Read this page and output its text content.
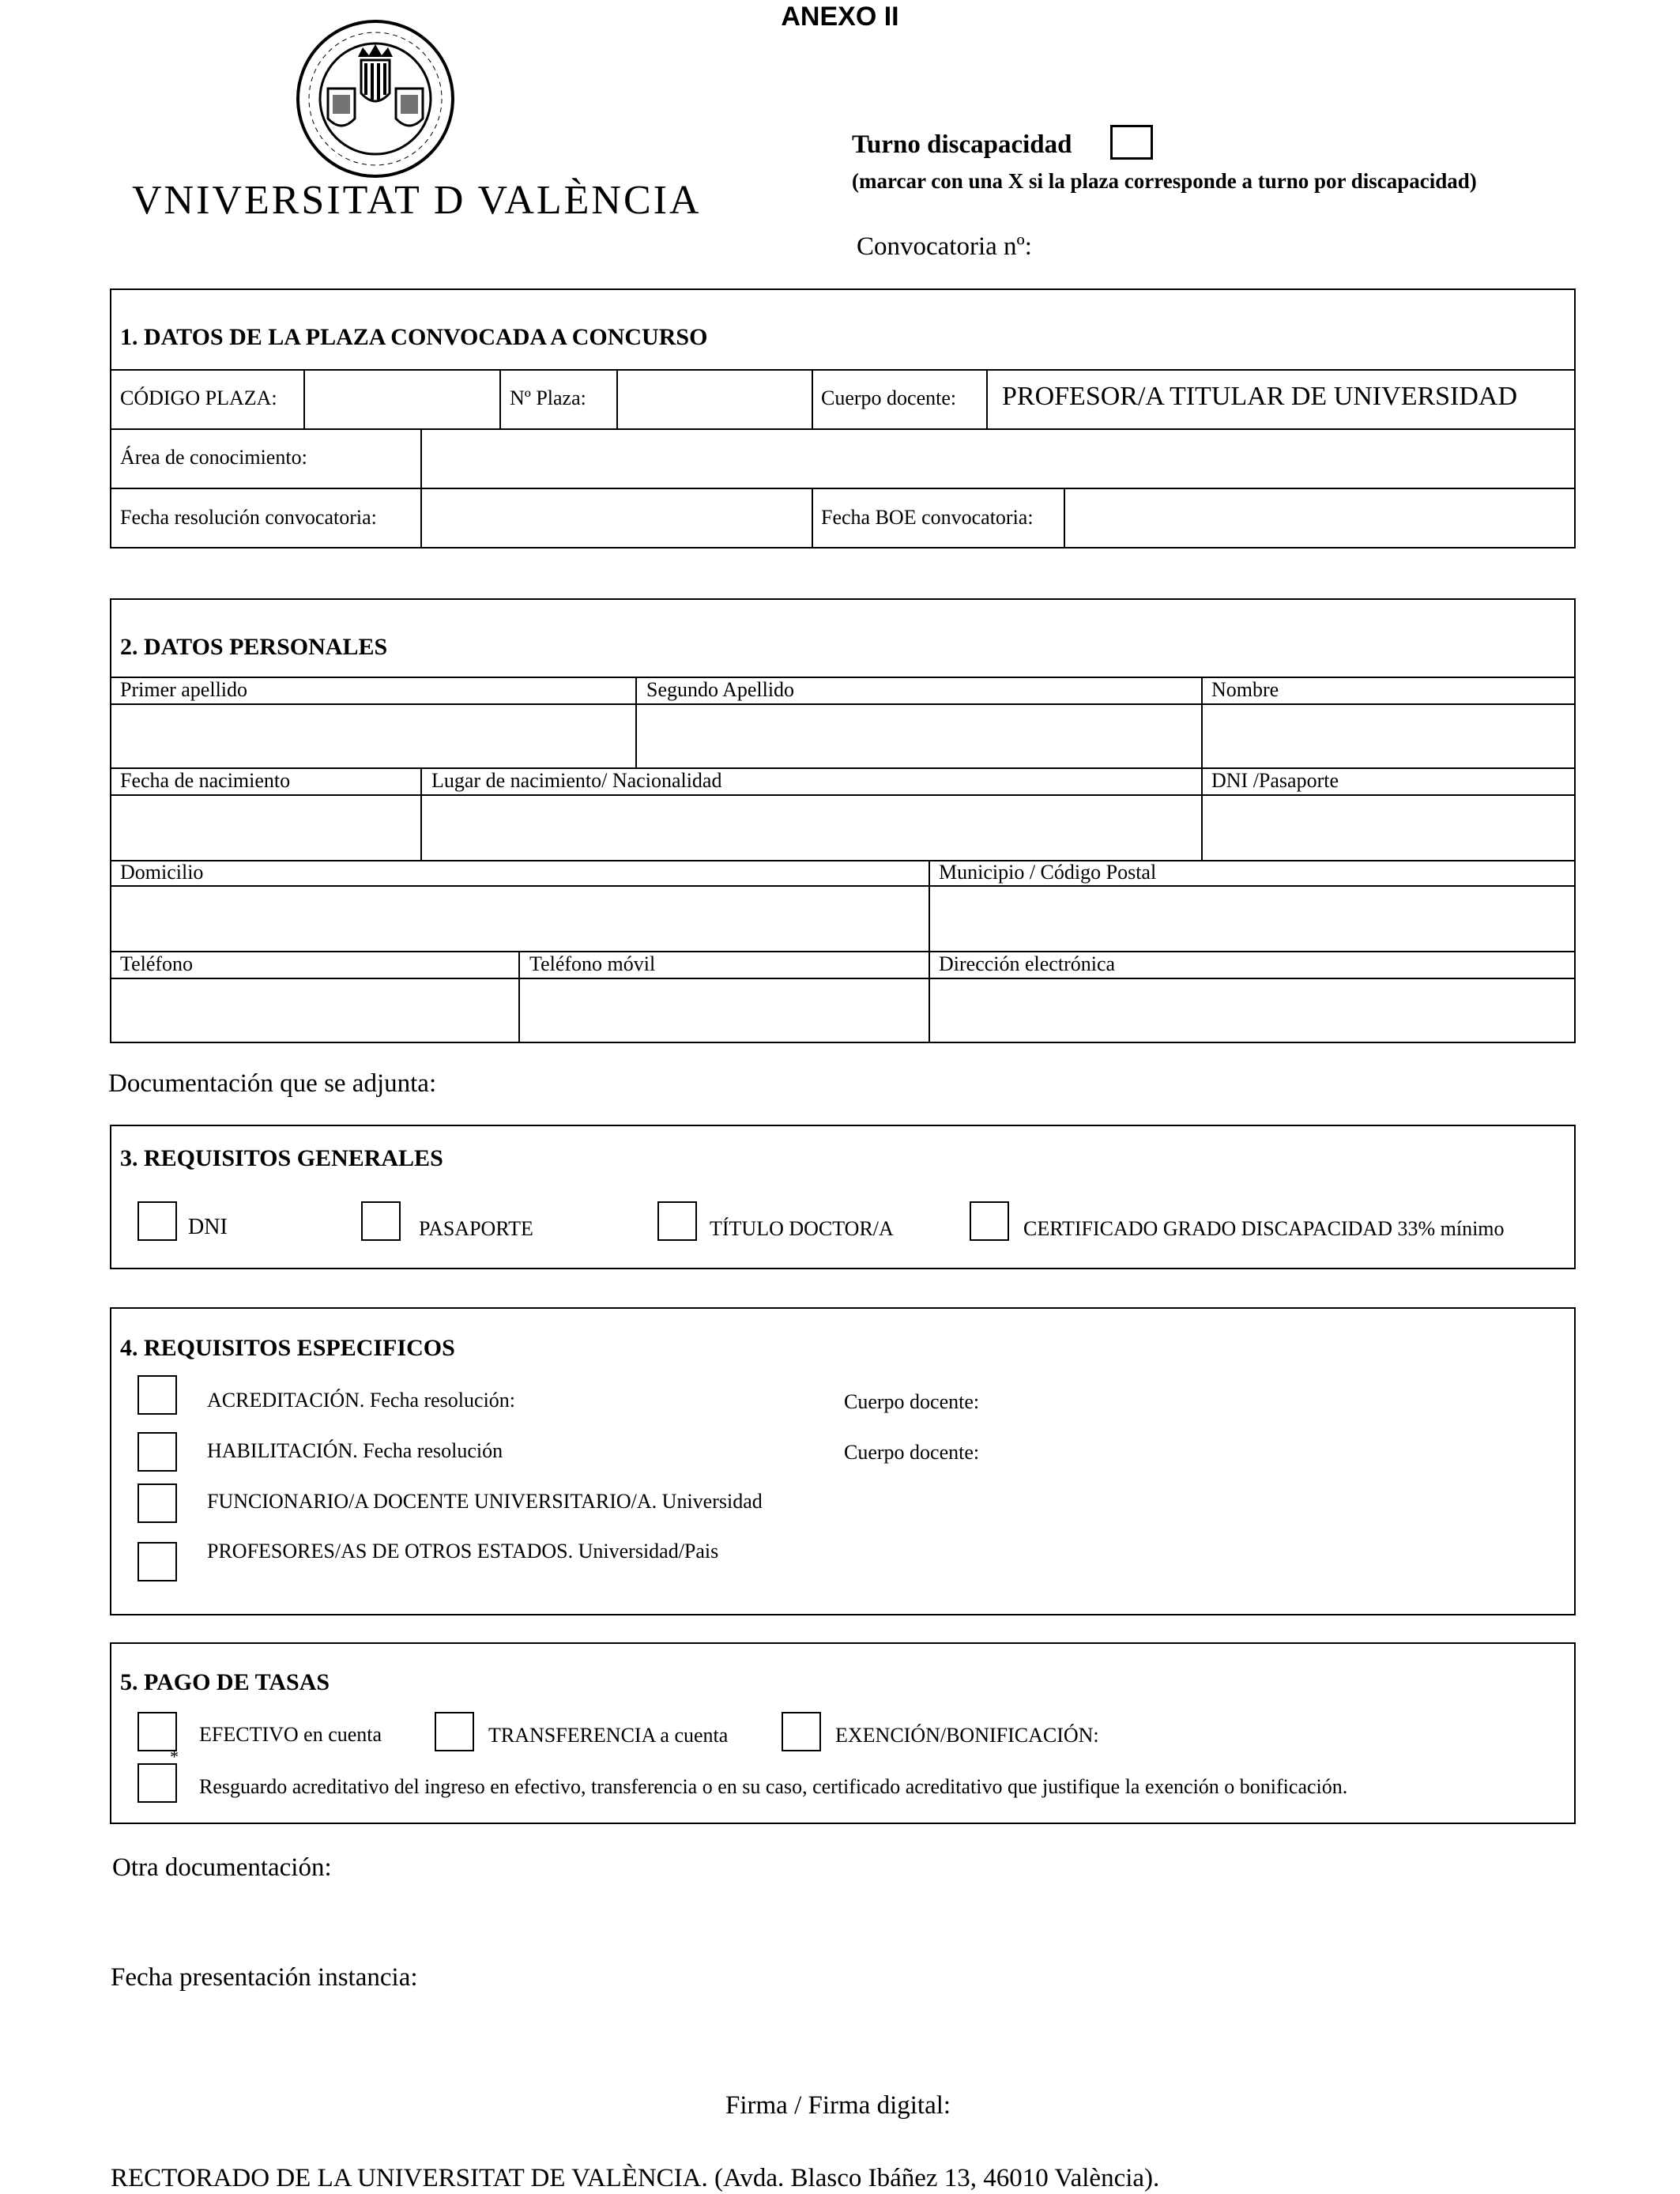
ANEXO II
VNIVERSITAT D VALÈNCIA
Turno discapacidad
(marcar con una X si la plaza corresponde a turno por discapacidad)
Convocatoria nº:
1. DATOS DE LA PLAZA CONVOCADA A CONCURSO
CÓDIGO PLAZA:	Nº Plaza:	Cuerpo docente: PROFESOR/A TITULAR DE UNIVERSIDAD
Área de conocimiento:
Fecha resolución convocatoria:	Fecha BOE convocatoria:
2. DATOS PERSONALES
Primer apellido	Segundo Apellido	Nombre
Fecha de nacimiento	Lugar de nacimiento/ Nacionalidad	DNI /Pasaporte
Domicilio	Municipio / Código Postal
Teléfono	Teléfono móvil	Dirección electrónica
Documentación que se adjunta:
3. REQUISITOS GENERALES
DNI	PASAPORTE	TÍTULO DOCTOR/A	CERTIFICADO GRADO DISCAPACIDAD 33% mínimo
4. REQUISITOS ESPECIFICOS
ACREDITACIÓN. Fecha resolución:	Cuerpo docente:
HABILITACIÓN. Fecha resolución	Cuerpo docente:
FUNCIONARIO/A DOCENTE UNIVERSITARIO/A. Universidad
PROFESORES/AS DE OTROS ESTADOS. Universidad/Pais
5. PAGO DE TASAS
EFECTIVO en cuenta	TRANSFERENCIA a cuenta	EXENCIÓN/BONIFICACIÓN:
*
Resguardo acreditativo del ingreso en efectivo, transferencia o en su caso, certificado acreditativo que justifique la exención o bonificación.
Otra documentación:
Fecha presentación instancia:
Firma / Firma digital:
RECTORADO DE LA UNIVERSITAT DE VALÈNCIA. (Avda. Blasco Ibáñez 13, 46010 València).
